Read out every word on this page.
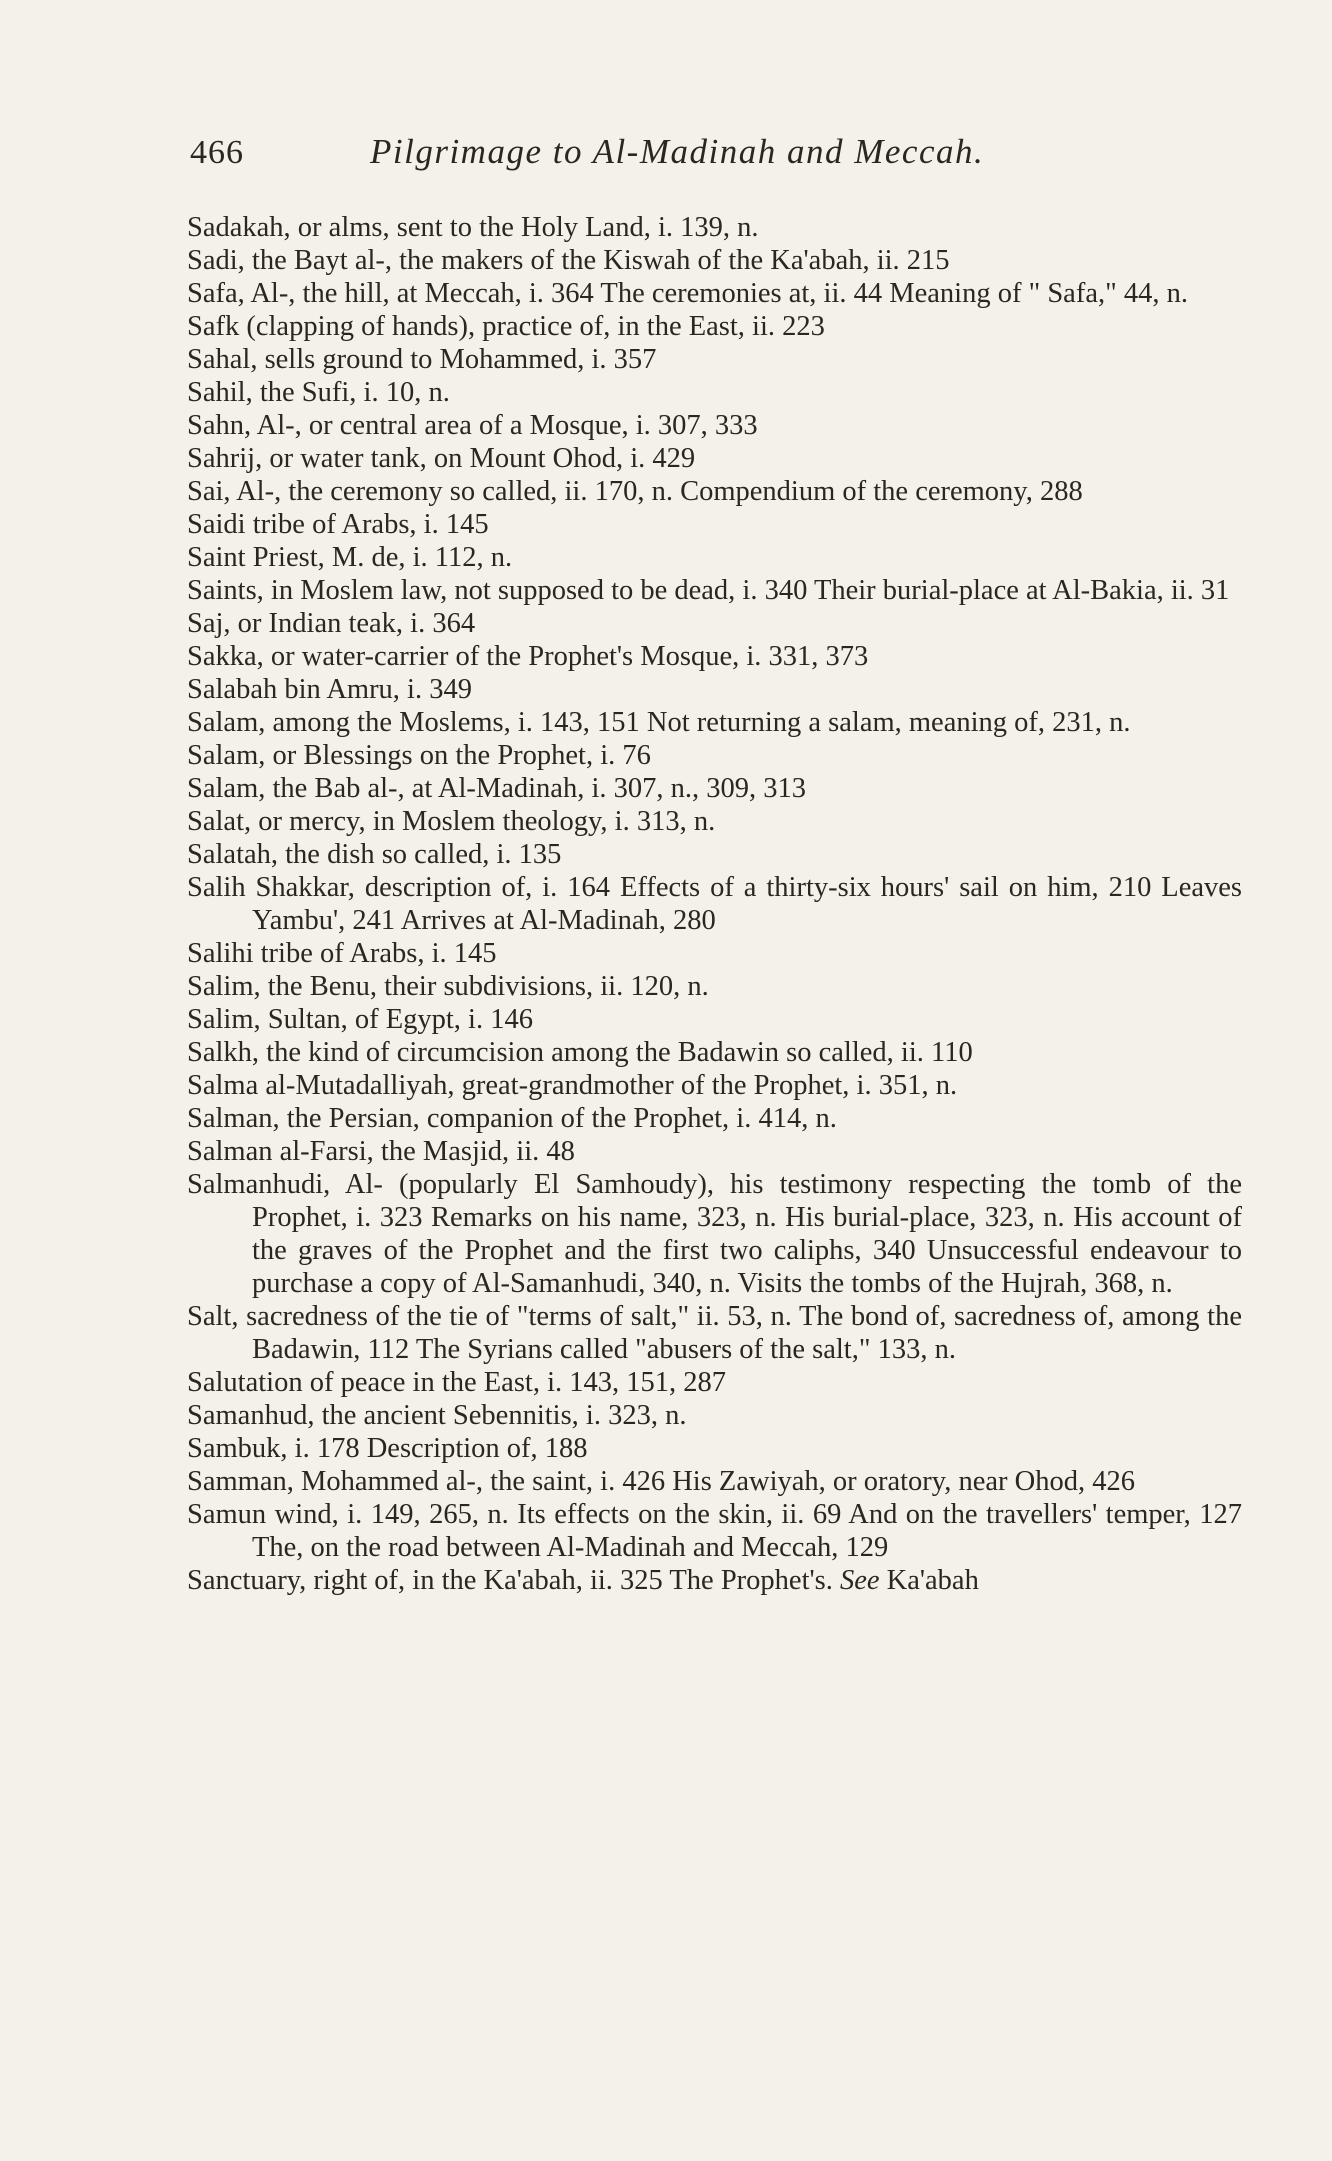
466	Pilgrimage to Al-Madinah and Meccah.
Sadakah, or alms, sent to the Holy Land, i. 139, n.
Sadi, the Bayt al-, the makers of the Kiswah of the Ka'abah, ii. 215
Safa, Al-, the hill, at Meccah, i. 364 The ceremonies at, ii. 44 Meaning of " Safa," 44, n.
Safk (clapping of hands), practice of, in the East, ii. 223
Sahal, sells ground to Mohammed, i. 357
Sahil, the Sufi, i. 10, n.
Sahn, Al-, or central area of a Mosque, i. 307, 333
Sahrij, or water tank, on Mount Ohod, i. 429
Sai, Al-, the ceremony so called, ii. 170, n. Compendium of the ceremony, 288
Saidi tribe of Arabs, i. 145
Saint Priest, M. de, i. 112, n.
Saints, in Moslem law, not supposed to be dead, i. 340 Their burial-place at Al-Bakia, ii. 31
Saj, or Indian teak, i. 364
Sakka, or water-carrier of the Prophet's Mosque, i. 331, 373
Salabah bin Amru, i. 349
Salam, among the Moslems, i. 143, 151 Not returning a salam, meaning of, 231, n.
Salam, or Blessings on the Prophet, i. 76
Salam, the Bab al-, at Al-Madinah, i. 307, n., 309, 313
Salat, or mercy, in Moslem theology, i. 313, n.
Salatah, the dish so called, i. 135
Salih Shakkar, description of, i. 164 Effects of a thirty-six hours' sail on him, 210 Leaves Yambu', 241 Arrives at Al-Madinah, 280
Salihi tribe of Arabs, i. 145
Salim, the Benu, their subdivisions, ii. 120, n.
Salim, Sultan, of Egypt, i. 146
Salkh, the kind of circumcision among the Badawin so called, ii. 110
Salma al-Mutadalliyah, great-grandmother of the Prophet, i. 351, n.
Salman, the Persian, companion of the Prophet, i. 414, n.
Salman al-Farsi, the Masjid, ii. 48
Salmanhudi, Al- (popularly El Samhoudy), his testimony respecting the tomb of the Prophet, i. 323 Remarks on his name, 323, n. His burial-place, 323, n. His account of the graves of the Prophet and the first two caliphs, 340 Unsuccessful endeavour to purchase a copy of Al-Samanhudi, 340, n. Visits the tombs of the Hujrah, 368, n.
Salt, sacredness of the tie of "terms of salt," ii. 53, n. The bond of, sacredness of, among the Badawin, 112 The Syrians called "abusers of the salt," 133, n.
Salutation of peace in the East, i. 143, 151, 287
Samanhud, the ancient Sebennitis, i. 323, n.
Sambuk, i. 178 Description of, 188
Samman, Mohammed al-, the saint, i. 426 His Zawiyah, or oratory, near Ohod, 426
Samun wind, i. 149, 265, n. Its effects on the skin, ii. 69 And on the travellers' temper, 127 The, on the road between Al-Madinah and Meccah, 129
Sanctuary, right of, in the Ka'abah, ii. 325 The Prophet's. See Ka'abah
